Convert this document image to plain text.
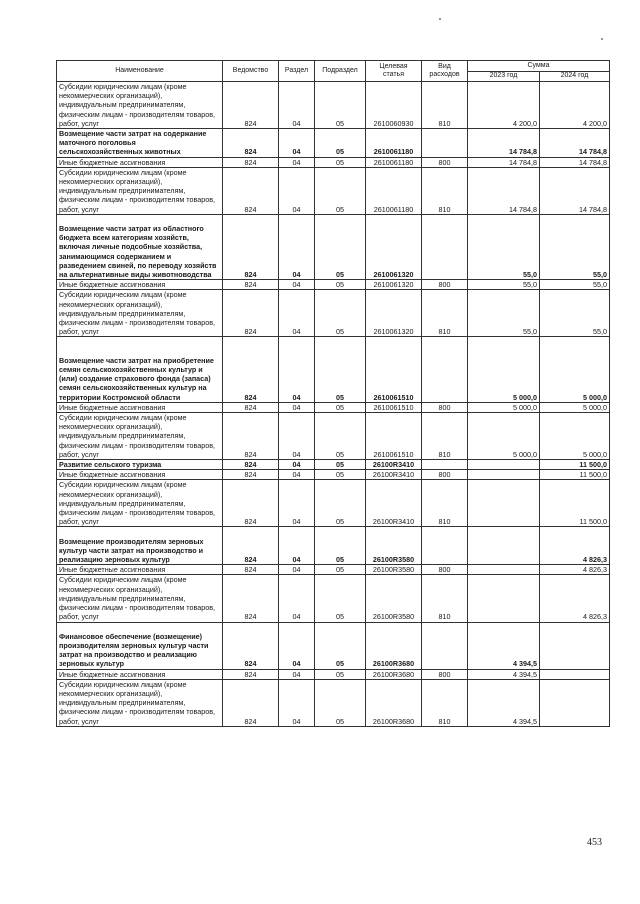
Наименование	Ведомство	Раздел	Подраздел	Целевая статья	Вид расходов	Сумма	
						2023 год	2024 год
Субсидии юридическим лицам (кроме некоммерческих организаций), индивидуальным предпринимателям, физическим лицам - производителям товаров, работ, услуг	824	04	05	2610060930	810	4 200,0	4 200,0
Возмещение части затрат на содержание маточного поголовья сельскохозяйственных животных	824	04	05	2610061180		14 784,8	14 784,8
Иные бюджетные ассигнования	824	04	05	2610061180	800	14 784,8	14 784,8
Субсидии юридическим лицам (кроме некоммерческих организаций), индивидуальным предпринимателям, физическим лицам - производителям товаров, работ, услуг	824	04	05	2610061180	810	14 784,8	14 784,8
Возмещение части затрат из областного бюджета всем категориям хозяйств, включая личные подсобные хозяйства, занимающимся содержанием и разведением свиней, по переводу хозяйств на альтернативные виды животноводства	824	04	05	2610061320		55,0	55,0
Иные бюджетные ассигнования	824	04	05	2610061320	800	55,0	55,0
Субсидии юридическим лицам (кроме некоммерческих организаций), индивидуальным предпринимателям, физическим лицам - производителям товаров, работ, услуг	824	04	05	2610061320	810	55,0	55,0
Возмещение части затрат на приобретение семян сельскохозяйственных культур и (или) создание страхового фонда (запаса) семян сельскохозяйственных культур на территории Костромской области	824	04	05	2610061510		5 000,0	5 000,0
Иные бюджетные ассигнования	824	04	05	2610061510	800	5 000,0	5 000,0
Субсидии юридическим лицам (кроме некоммерческих организаций), индивидуальным предпринимателям, физическим лицам - производителям товаров, работ, услуг	824	04	05	2610061510	810	5 000,0	5 000,0
Развитие сельского туризма	824	04	05	26100R3410			11 500,0
Иные бюджетные ассигнования	824	04	05	26100R3410	800		11 500,0
Субсидии юридическим лицам (кроме некоммерческих организаций), индивидуальным предпринимателям, физическим лицам - производителям товаров, работ, услуг	824	04	05	26100R3410	810		11 500,0
Возмещение производителям зерновых культур части затрат на производство и реализацию зерновых культур	824	04	05	26100R3580			4 826,3
Иные бюджетные ассигнования	824	04	05	26100R3580	800		4 826,3
Субсидии юридическим лицам (кроме некоммерческих организаций), индивидуальным предпринимателям, физическим лицам - производителям товаров, работ, услуг	824	04	05	26100R3580	810		4 826,3
Финансовое обеспечение (возмещение) производителям зерновых культур части затрат на производство и реализацию зерновых культур	824	04	05	26100R3680		4 394,5	
Иные бюджетные ассигнования	824	04	05	26100R3680	800	4 394,5	
Субсидии юридическим лицам (кроме некоммерческих организаций), индивидуальным предпринимателям, физическим лицам - производителям товаров, работ, услуг	824	04	05	26100R3680	810	4 394,5	
453
